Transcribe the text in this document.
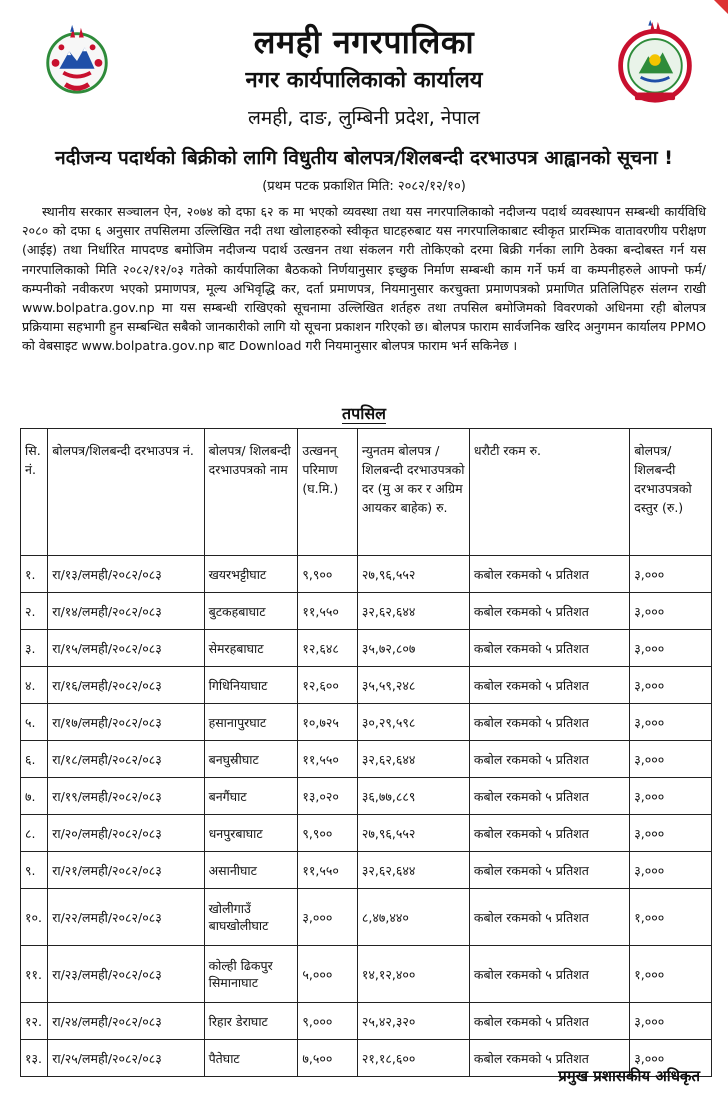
लमही नगरपालिका
नगर कार्यपालिकाको कार्यालय
लमही, दाङ, लुम्बिनी प्रदेश, नेपाल
नदीजन्य पदार्थको बिक्रीको लागि विधुतीय बोलपत्र/शिलबन्दी दरभाउपत्र आह्वानको सूचना !
(प्रथम पटक प्रकाशित मिति: २०८२/१२/१०)
स्थानीय सरकार सञ्चालन ऐन, २०७४ को दफा ६२ क मा भएको व्यवस्था तथा यस नगरपालिकाको नदीजन्य पदार्थ व्यवस्थापन सम्बन्धी कार्यविधि २०८० को दफा ६ अनुसार तपसिलमा उल्लिखित नदी तथा खोलाहरुको स्वीकृत घाटहरुबाट यस नगरपालिकाबाट स्वीकृत प्रारम्भिक वातावरणीय परीक्षण (आईइ) तथा निर्धारित मापदण्ड बमोजिम नदीजन्य पदार्थ उत्खनन तथा संकलन गरी तोकिएको दरमा बिक्री गर्नका लागि ठेक्का बन्दोबस्त गर्न यस नगरपालिकाको मिति २०८२/१२/०३ गतेको कार्यपालिका बैठकको निर्णयानुसार इच्छुक निर्माण सम्बन्धी काम गर्ने फर्म वा कम्पनीहरुले आफ्नो फर्म/कम्पनीको नवीकरण भएको प्रमाणपत्र, मूल्य अभिवृद्धि कर, दर्ता प्रमाणपत्र, नियमानुसार करचुक्ता प्रमाणपत्रको प्रमाणित प्रतिलिपिहरु संलग्न राखी www.bolpatra.gov.np मा यस सम्बन्धी राखिएको सूचनामा उल्लिखित शर्तहरु तथा तपसिल बमोजिमको विवरणको अधिनमा रही बोलपत्र प्रक्रियामा सहभागी हुन सम्बन्धित सबैको जानकारीको लागि यो सूचना प्रकाशन गरिएको छ। बोलपत्र फाराम सार्वजनिक खरिद अनुगमन कार्यालय PPMO को वेबसाइट www.bolpatra.gov.np बाट Download गरी नियमानुसार बोलपत्र फाराम भर्न सकिनेछ ।
तपसिल
सि. नं.	बोलपत्र/शिलबन्दी दरभाउपत्र नं.	बोलपत्र/ शिलबन्दी दरभाउपत्रको नाम	उत्खनन् परिमाण (घ.मि.)	न्युनतम बोलपत्र /शिलबन्दी दरभाउपत्रको दर (मु अ कर र अग्रिम आयकर बाहेक) रु.	धरौटी रकम रु.	बोलपत्र/ शिलबन्दी दरभाउपत्रको दस्तुर (रु.)
१.	रा/१३/लमही/२०८२/०८३	खयरभट्टीघाट	९,९००	२७,९६,५५२	कबोल रकमको ५ प्रतिशत	३,०००
२.	रा/१४/लमही/२०८२/०८३	बुटकहबाघाट	११,५५०	३२,६२,६४४	कबोल रकमको ५ प्रतिशत	३,०००
३.	रा/१५/लमही/२०८२/०८३	सेमरहबाघाट	१२,६४८	३५,७२,८०७	कबोल रकमको ५ प्रतिशत	३,०००
४.	रा/१६/लमही/२०८२/०८३	गिधिनियाघाट	१२,६००	३५,५९,२४८	कबोल रकमको ५ प्रतिशत	३,०००
५.	रा/१७/लमही/२०८२/०८३	हसानापुरघाट	१०,७२५	३०,२९,५९८	कबोल रकमको ५ प्रतिशत	३,०००
६.	रा/१८/लमही/२०८२/०८३	बनघुस्रीघाट	११,५५०	३२,६२,६४४	कबोल रकमको ५ प्रतिशत	३,०००
७.	रा/१९/लमही/२०८२/०८३	बनगैंघाट	१३,०२०	३६,७७,८८९	कबोल रकमको ५ प्रतिशत	३,०००
८.	रा/२०/लमही/२०८२/०८३	धनपुरबाघाट	९,९००	२७,९६,५५२	कबोल रकमको ५ प्रतिशत	३,०००
९.	रा/२१/लमही/२०८२/०८३	असानीघाट	११,५५०	३२,६२,६४४	कबोल रकमको ५ प्रतिशत	३,०००
१०.	रा/२२/लमही/२०८२/०८३	खोलीगाउँ बाघखोलीघाट	३,०००	८,४७,४४०	कबोल रकमको ५ प्रतिशत	१,०००
११.	रा/२३/लमही/२०८२/०८३	कोल्ही ढिकपुर सिमानाघाट	५,०००	१४,१२,४००	कबोल रकमको ५ प्रतिशत	१,०००
१२.	रा/२४/लमही/२०८२/०८३	रिहार डेराघाट	९,०००	२५,४२,३२०	कबोल रकमको ५ प्रतिशत	३,०००
१३.	रा/२५/लमही/२०८२/०८३	पैतेघाट	७,५००	२१,१८,६००	कबोल रकमको ५ प्रतिशत	३,०००
प्रमुख प्रशासकीय अधिकृत
